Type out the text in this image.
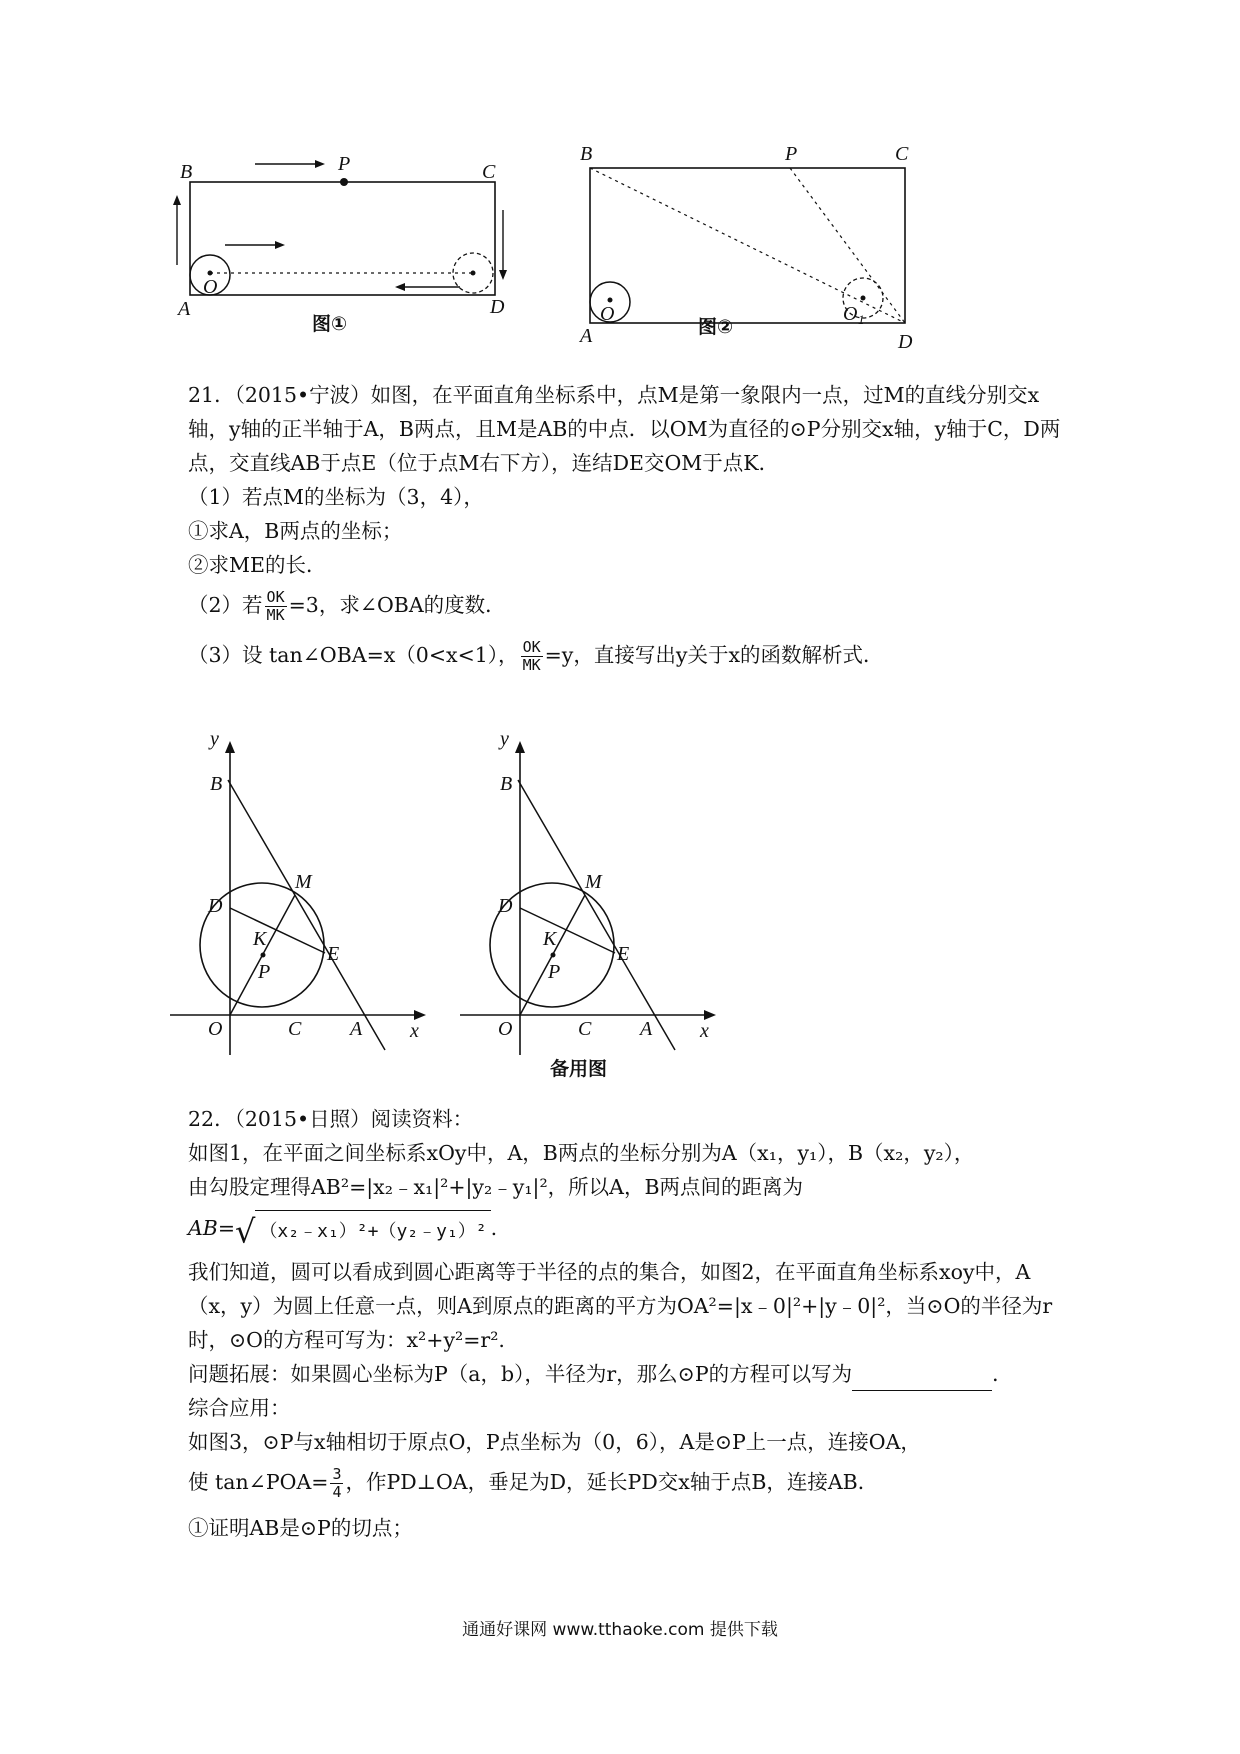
B	P	C
A
O
D
图①
B	P	C
A
O	O 1
D
图②

21．（2015•宁波）如图，在平面直角坐标系中，点M是第一象限内一点，过M的直线分别交x轴，y轴的正半轴于A，B两点，且M是AB的中点．以OM为直径的⊙P分别交x轴，y轴于C，D两点，交直线AB于点E（位于点M右下方），连结DE交OM于点K．

（1）若点M的坐标为（3，4），

①求A，B两点的坐标；

②求ME的长．

（2）若 $\frac{OK}{MK} =3$，求∠OBA的度数．

（3）设 tan∠OBA=x（0<x<1）， $\frac{OK}{MK} =y$，直接写出y关于x的函数解析式．

y
B
D
M
K
E
P
O	C A x
y
B
D
M
K
E
P
O	C A x
备用图

22．（2015•日照）阅读资料：

如图1，在平面之间坐标系xOy中，A，B两点的坐标分别为A（x₁，y₁），B（x₂，y₂），

由勾股定理得AB²=|x₂﹣x₁|²+|y₂﹣y₁|²，所以A，B两点间的距离为

AB=√ （x₂﹣x₁）²+（y₂﹣y₁）² .

我们知道，圆可以看成到圆心距离等于半径的点的集合，如图2，在平面直角坐标系xoy中，A（x，y）为圆上任意一点，则A到原点的距离的平方为OA²=|x﹣0|²+|y﹣0|²，当⊙O的半径为r时，⊙O的方程可写为：x²+y²=r².

问题拓展：如果圆心坐标为P（a，b），半径为r，那么⊙P的方程可以写为	．

综合应用：

如图3，⊙P与x轴相切于原点O，P点坐标为（0，6），A是⊙P上一点，连接OA，

使 tan∠POA= $\frac{3}{4}$ ，作PD⊥OA，垂足为D，延长PD交x轴于点B，连接AB．

①证明AB是⊙P的切点；

通通好课网 www.tthaoke.com 提供下载
